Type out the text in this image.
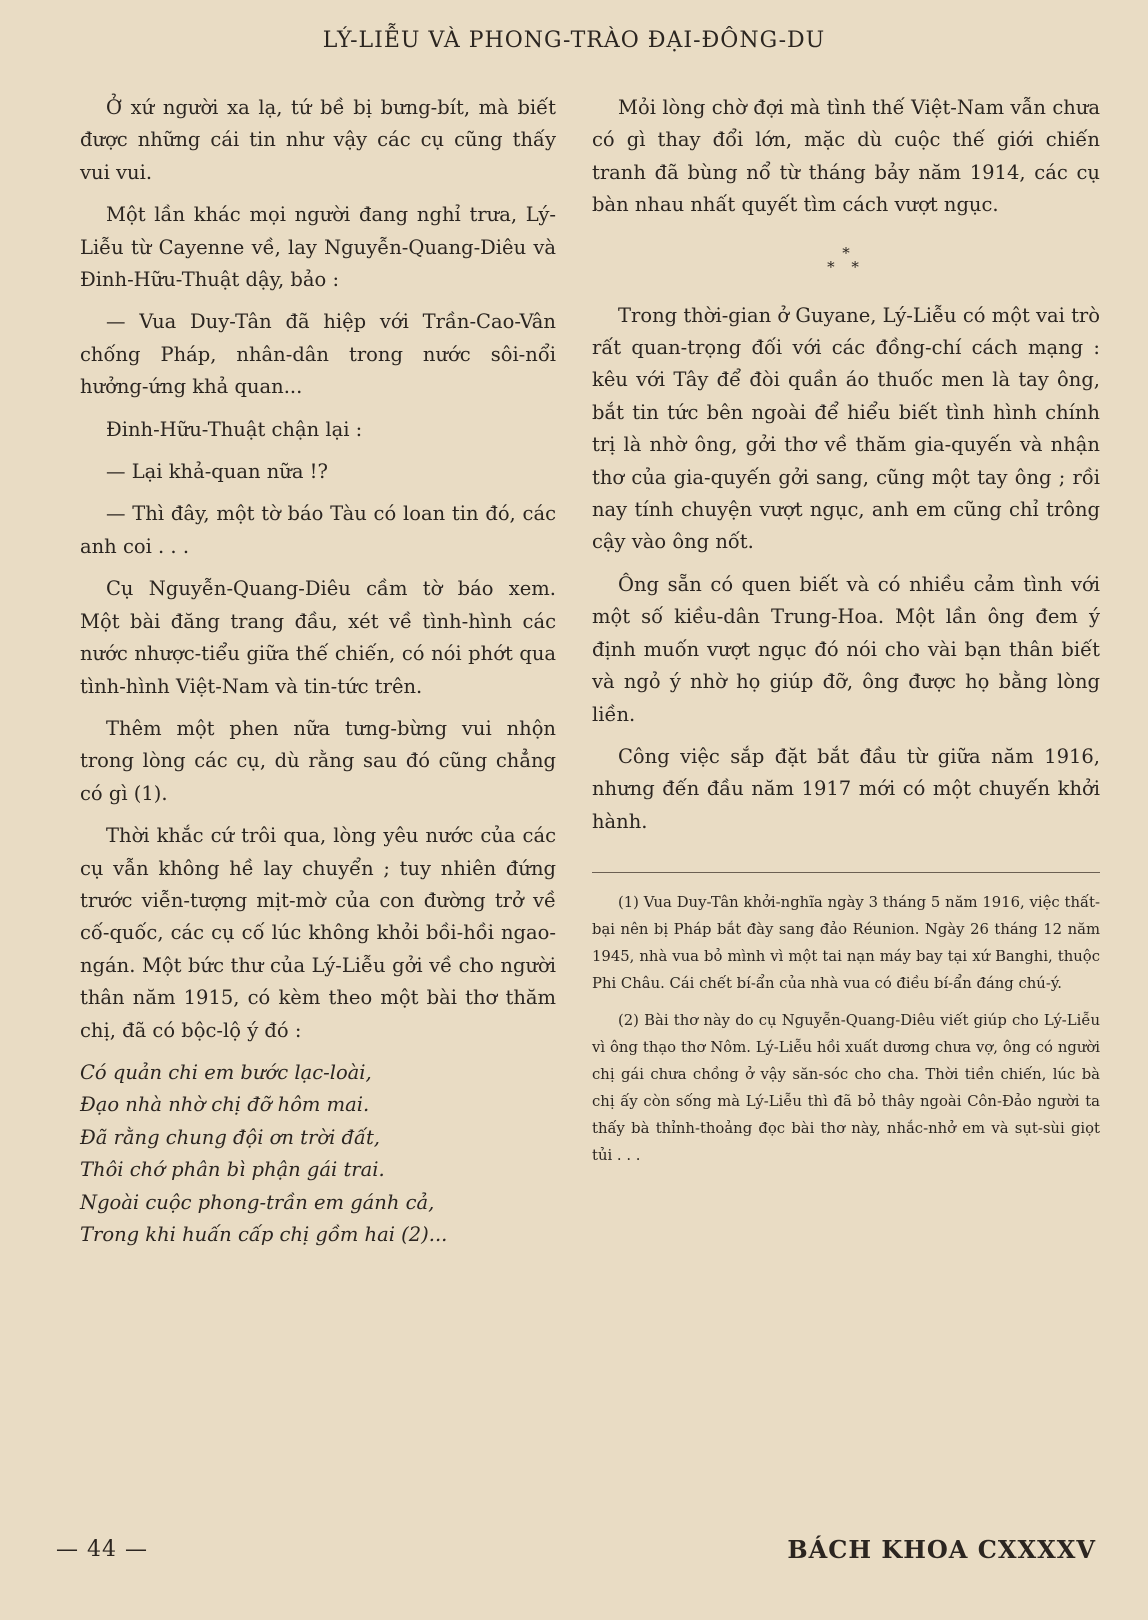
LÝ-LIỄU VÀ PHONG-TRÀO ĐẠI-ĐÔNG-DU

Ở xứ người xa lạ, tứ bề bị bưng-bít, mà biết được những cái tin như vậy các cụ cũng thấy vui vui.

Một lần khác mọi người đang nghỉ trưa, Lý-Liễu từ Cayenne về, lay Nguyễn-Quang-Diêu và Đinh-Hữu-Thuật dậy, bảo :

— Vua Duy-Tân đã hiệp với Trần-Cao-Vân chống Pháp, nhân-dân trong nước sôi-nổi hưởng-ứng khả quan...

Đinh-Hữu-Thuật chận lại :

— Lại khả-quan nữa !?

— Thì đây, một tờ báo Tàu có loan tin đó, các anh coi . . .

Cụ Nguyễn-Quang-Diêu cầm tờ báo xem. Một bài đăng trang đầu, xét về tình-hình các nước nhược-tiểu giữa thế chiến, có nói phớt qua tình-hình Việt-Nam và tin-tức trên.

Thêm một phen nữa tưng-bừng vui nhộn trong lòng các cụ, dù rằng sau đó cũng chẳng có gì (1).

Thời khắc cứ trôi qua, lòng yêu nước của các cụ vẫn không hề lay chuyển ; tuy nhiên đứng trước viễn-tượng mịt-mờ của con đường trở về cố-quốc, các cụ cố lúc không khỏi bồi-hồi ngao-ngán. Một bức thư của Lý-Liễu gởi về cho người thân năm 1915, có kèm theo một bài thơ thăm chị, đã có bộc-lộ ý đó :

Có quản chi em bước lạc-loài,
Đạo nhà nhờ chị đỡ hôm mai.
Đã rằng chung đội ơn trời đất,
Thôi chớ phân bì phận gái trai.
Ngoài cuộc phong-trần em gánh cả,
Trong khi huấn cấp chị gồm hai (2)...

Mỏi lòng chờ đợi mà tình thế Việt-Nam vẫn chưa có gì thay đổi lớn, mặc dù cuộc thế giới chiến tranh đã bùng nổ từ tháng bảy năm 1914, các cụ bàn nhau nhất quyết tìm cách vượt ngục.

*
* *

Trong thời-gian ở Guyane, Lý-Liễu có một vai trò rất quan-trọng đối với các đồng-chí cách mạng : kêu với Tây để đòi quần áo thuốc men là tay ông, bắt tin tức bên ngoài để hiểu biết tình hình chính trị là nhờ ông, gởi thơ về thăm gia-quyến và nhận thơ của gia-quyến gởi sang, cũng một tay ông ; rồi nay tính chuyện vượt ngục, anh em cũng chỉ trông cậy vào ông nốt.

Ông sẵn có quen biết và có nhiều cảm tình với một số kiều-dân Trung-Hoa. Một lần ông đem ý định muốn vượt ngục đó nói cho vài bạn thân biết và ngỏ ý nhờ họ giúp đỡ, ông được họ bằng lòng liền.

Công việc sắp đặt bắt đầu từ giữa năm 1916, nhưng đến đầu năm 1917 mới có một chuyến khởi hành.

(1) Vua Duy-Tân khởi-nghĩa ngày 3 tháng 5 năm 1916, việc thất-bại nên bị Pháp bắt đày sang đảo Réunion. Ngày 26 tháng 12 năm 1945, nhà vua bỏ mình vì một tai nạn máy bay tại xứ Banghi, thuộc Phi Châu. Cái chết bí-ẩn của nhà vua có điều bí-ẩn đáng chú-ý.

(2) Bài thơ này do cụ Nguyễn-Quang-Diêu viết giúp cho Lý-Liễu vì ông thạo thơ Nôm. Lý-Liễu hồi xuất dương chưa vợ, ông có người chị gái chưa chồng ở vậy săn-sóc cho cha. Thời tiền chiến, lúc bà chị ấy còn sống mà Lý-Liễu thì đã bỏ thây ngoài Côn-Đảo người ta thấy bà thỉnh-thoảng đọc bài thơ này, nhắc-nhở em và sụt-sùi giọt tủi . . .

— 44 —	BÁCH KHOA CXXXXV
